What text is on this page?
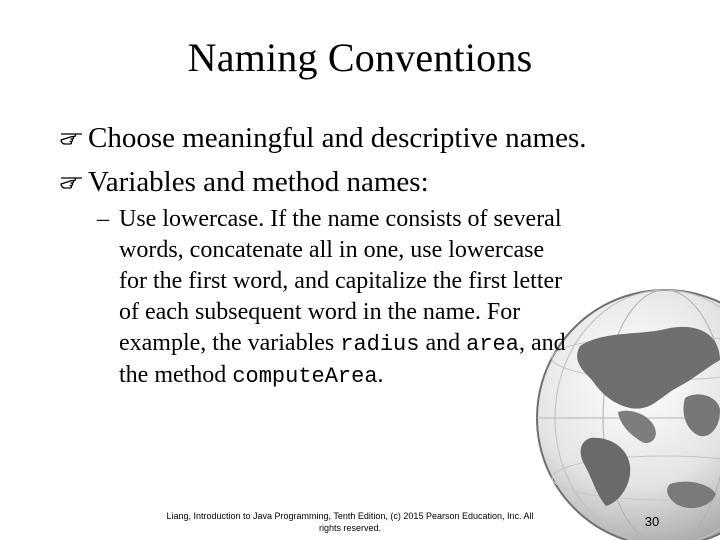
Naming Conventions
Choose meaningful and descriptive names.
Variables and method names:
– Use lowercase. If the name consists of several
words, concatenate all in one, use lowercase
for the first word, and capitalize the first letter
of each subsequent word in the name. For
example, the variables radius and area, and
the method computeArea.
Liang, Introduction to Java Programming, Tenth Edition, (c) 2015 Pearson Education, Inc. All
rights reserved.	30
